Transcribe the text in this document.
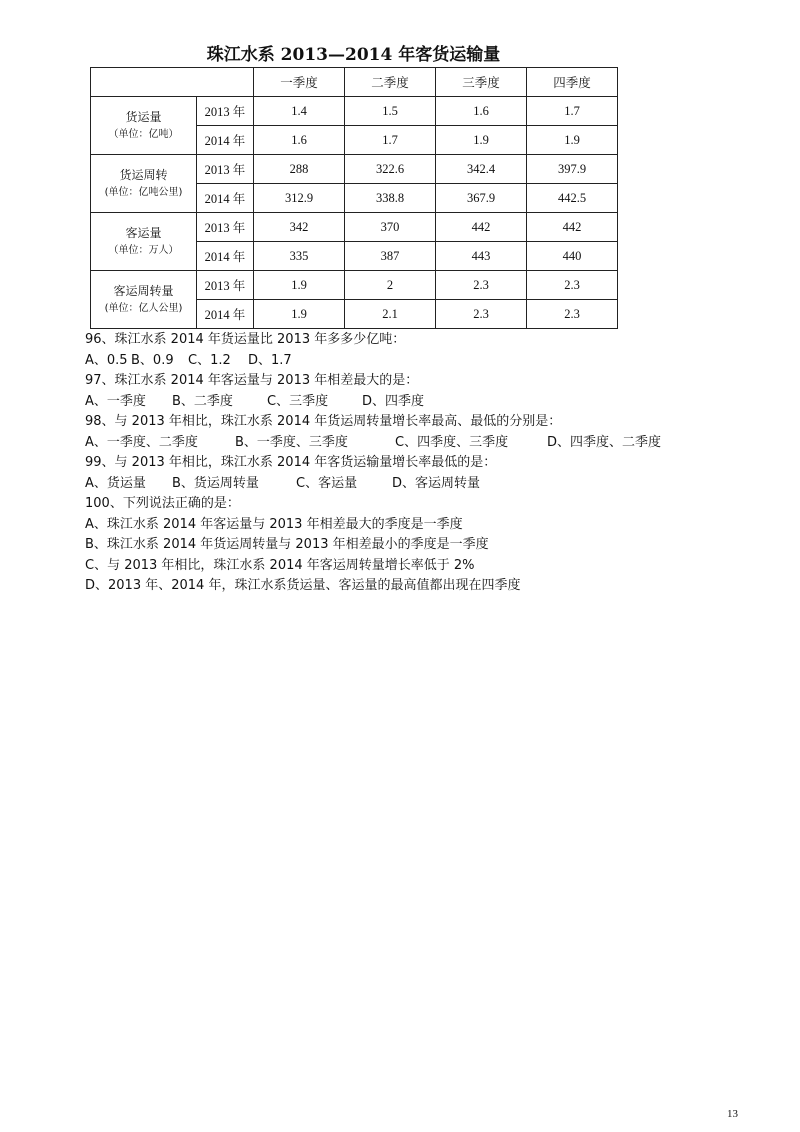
珠江水系 2013—2014 年客货运输量
		一季度	二季度	三季度	四季度
货运量
（单位：亿吨）	2013 年	1.4	1.5	1.6	1.7
	2014 年	1.6	1.7	1.9	1.9
货运周转
(单位：亿吨公里)	2013 年	288	322.6	342.4	397.9
	2014 年	312.9	338.8	367.9	442.5
客运量
（单位：万人）	2013 年	342	370	442	442
	2014 年	335	387	443	440
客运周转量
(单位：亿人公里)	2013 年	1.9	2	2.3	2.3
	2014 年	1.9	2.1	2.3	2.3
96、珠江水系 2014 年货运量比 2013 年多多少亿吨：
A、0.5 B、0.9 C、1.2 D、1.7
97、珠江水系 2014 年客运量与 2013 年相差最大的是：
A、一季度 B、二季度	C、三季度	D、四季度
98、与 2013 年相比，珠江水系 2014 年货运周转量增长率最高、最低的分别是：
A、一季度、二季度	B、一季度、三季度	C、四季度、三季度	D、四季度、二季度
99、与 2013 年相比，珠江水系 2014 年客货运输量增长率最低的是：
A、货运量 B、货运周转量	C、客运量	D、客运周转量
100、下列说法正确的是：
A、珠江水系 2014 年客运量与 2013 年相差最大的季度是一季度
B、珠江水系 2014 年货运周转量与 2013 年相差最小的季度是一季度
C、与 2013 年相比，珠江水系 2014 年客运周转量增长率低于 2%
D、2013 年、2014 年，珠江水系货运量、客运量的最高值都出现在四季度
13
